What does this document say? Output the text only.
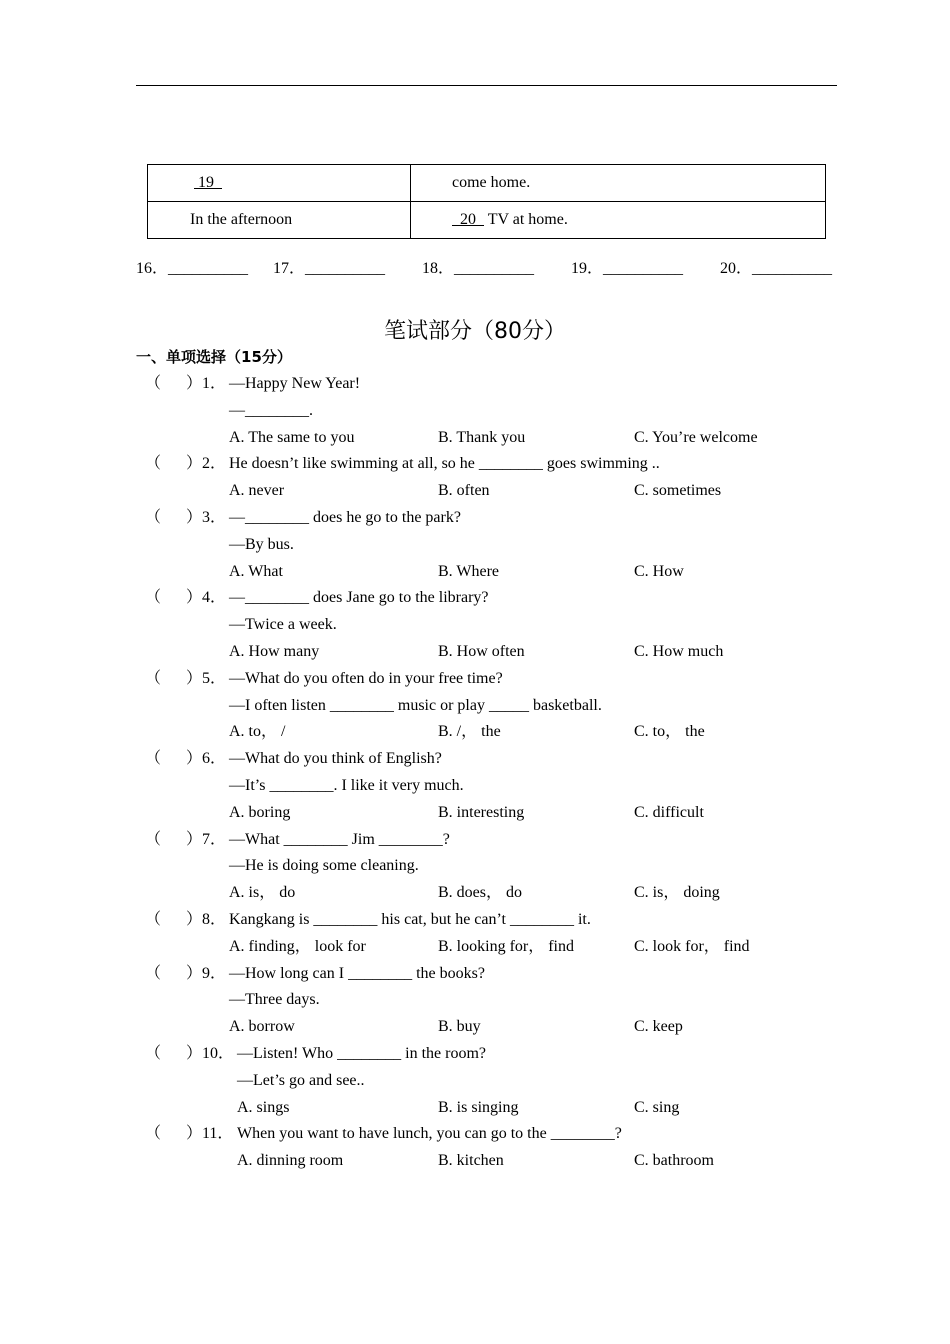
19	come home.
In the afternoon	20 TV at home.
16．__________ 17．__________ 18．__________ 19．__________ 20．__________
笔试部分（80分）
一、单项选择（15分）
（ ） 1． —Happy New Year!
—________.
A. The same to you	B. Thank you	C. You’re welcome
（ ） 2． He doesn’t like swimming at all, so he ________ goes swimming ..
A. never	B. often	C. sometimes
（ ） 3． —________ does he go to the park?
—By bus.
A. What	B. Where	C. How
（ ） 4． —________ does Jane go to the library?
—Twice a week.
A. How many	B. How often	C. How much
（ ） 5． —What do you often do in your free time?
—I often listen ________ music or play _____ basketball.
A. to， /	B. /， the	C. to， the
（ ） 6． —What do you think of English?
—It’s ________. I like it very much.
A. boring	B. interesting	C. difficult
（ ） 7． —What ________ Jim ________?
—He is doing some cleaning.
A. is， do	B. does， do	C. is， doing
（ ） 8． Kangkang is ________ his cat, but he can’t ________ it.
A. finding， look for	B. looking for， find	C. look for， find
（ ） 9． —How long can I ________ the books?
—Three days.
A. borrow	B. buy	C. keep
（ ） 10． —Listen! Who ________ in the room?
—Let’s go and see..
A. sings	B. is singing	C. sing
（ ） 11． When you want to have lunch, you can go to the ________?
A. dinning room	B. kitchen	C. bathroom
